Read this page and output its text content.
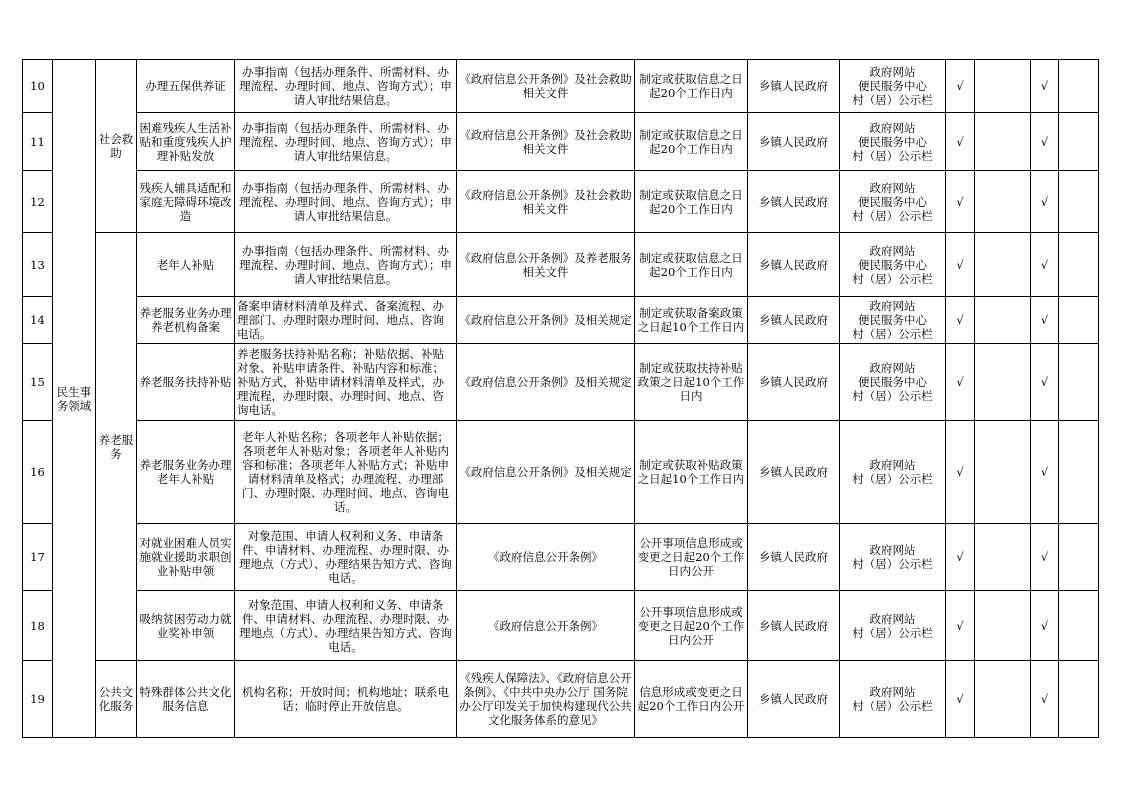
10	民生事务领域	社会救助	办理五保供养证	办事指南（包括办理条件、所需材料、办理流程、办理时间、地点、咨询方式）；申请人审批结果信息。	《政府信息公开条例》及社会救助相关文件	制定或获取信息之日起20个工作日内	乡镇人民政府	政府网站
便民服务中心
村（居）公示栏	√		√	
11			困难残疾人生活补贴和重度残疾人护理补贴发放	办事指南（包括办理条件、所需材料、办理流程、办理时间、地点、咨询方式）；申请人审批结果信息。	《政府信息公开条例》及社会救助相关文件	制定或获取信息之日起20个工作日内	乡镇人民政府	政府网站
便民服务中心
村（居）公示栏	√		√	
12			残疾人辅具适配和家庭无障碍环境改造	办事指南（包括办理条件、所需材料、办理流程、办理时间、地点、咨询方式）；申请人审批结果信息。	《政府信息公开条例》及社会救助相关文件	制定或获取信息之日起20个工作日内	乡镇人民政府	政府网站
便民服务中心
村（居）公示栏	√		√	
13		养老服务	老年人补贴	办事指南（包括办理条件、所需材料、办理流程、办理时间、地点、咨询方式）；申请人审批结果信息。	《政府信息公开条例》及养老服务相关文件	制定或获取信息之日起20个工作日内	乡镇人民政府	政府网站
便民服务中心
村（居）公示栏	√		√	
14			养老服务业务办理养老机构备案	备案申请材料清单及样式、备案流程、办理部门、办理时限办理时间、地点、咨询电话。	《政府信息公开条例》及相关规定	制定或获取备案政策之日起10个工作日内	乡镇人民政府	政府网站
便民服务中心
村（居）公示栏	√		√	
15			养老服务扶持补贴	养老服务扶持补贴名称；补贴依据、补贴对象、补贴申请条件、补贴内容和标准；补贴方式，补贴申请材料清单及样式，办理流程，办理时限、办理时间、地点、咨询电话。	《政府信息公开条例》及相关规定	制定或获取扶持补贴政策之日起10个工作日内	乡镇人民政府	政府网站
便民服务中心
村（居）公示栏	√		√	
16			养老服务业务办理老年人补贴	老年人补贴名称；各项老年人补贴依据；各项老年人补贴对象；各项老年人补贴内容和标准；各项老年人补贴方式；补贴申请材料清单及格式；办理流程、办理部门、办理时限、办理时间、地点、咨询电话。	《政府信息公开条例》及相关规定	制定或获取补贴政策之日起10个工作日内	乡镇人民政府	政府网站
村（居）公示栏	√		√	
17			对就业困难人员实施就业援助求职创业补贴申领	对象范围、申请人权利和义务、申请条件、申请材料、办理流程、办理时限、办理地点（方式）、办理结果告知方式、咨询电话。	《政府信息公开条例》	公开事项信息形成或变更之日起20个工作日内公开	乡镇人民政府	政府网站
村（居）公示栏	√		√	
18			吸纳贫困劳动力就业奖补申领	对象范围、申请人权利和义务、申请条件、申请材料、办理流程、办理时限、办理地点（方式）、办理结果告知方式、咨询电话。	《政府信息公开条例》	公开事项信息形成或变更之日起20个工作日内公开	乡镇人民政府	政府网站
村（居）公示栏	√		√	
19		公共文化服务	特殊群体公共文化服务信息	机构名称；开放时间；机构地址；联系电话；临时停止开放信息。	《残疾人保障法》、《政府信息公开条例》、《中共中央办公厅 国务院办公厅印发关于加快构建现代公共文化服务体系的意见》	信息形成或变更之日起20个工作日内公开	乡镇人民政府	政府网站
村（居）公示栏	√		√	
